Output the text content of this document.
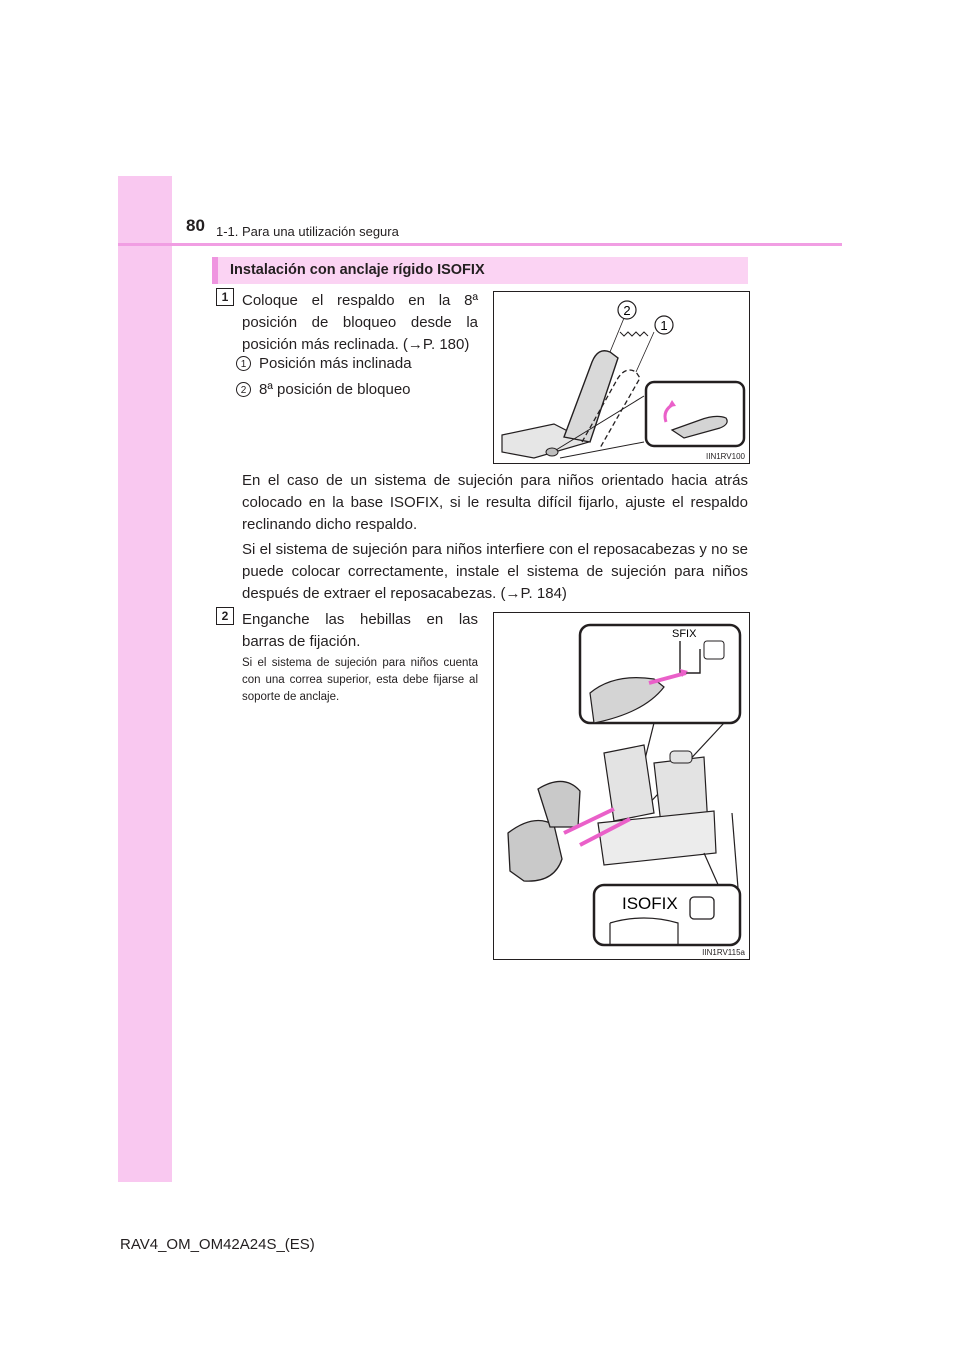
80 1-1. Para una utilización segura
Instalación con anclaje rígido ISOFIX
1 Coloque el respaldo en la 8ª posición de bloqueo desde la posición más reclinada. (→P. 180)

1 Posición más inclinada
2 8ª posición de bloqueo
2
1
IIN1RV100

En el caso de un sistema de sujeción para niños orientado hacia atrás colocado en la base ISOFIX, si le resulta difícil fijarlo, ajuste el respaldo reclinando dicho respaldo.

Si el sistema de sujeción para niños interfiere con el reposacabezas y no se puede colocar correctamente, instale el sistema de sujeción para niños después de extraer el reposacabezas. (→P. 184)

2 Enganche las hebillas en las barras de fijación.

Si el sistema de sujeción para niños cuenta con una correa superior, esta debe fijarse al soporte de anclaje.

SFIX
ISOFIX
IIN1RV115a
RAV4_OM_OM42A24S_(ES)
